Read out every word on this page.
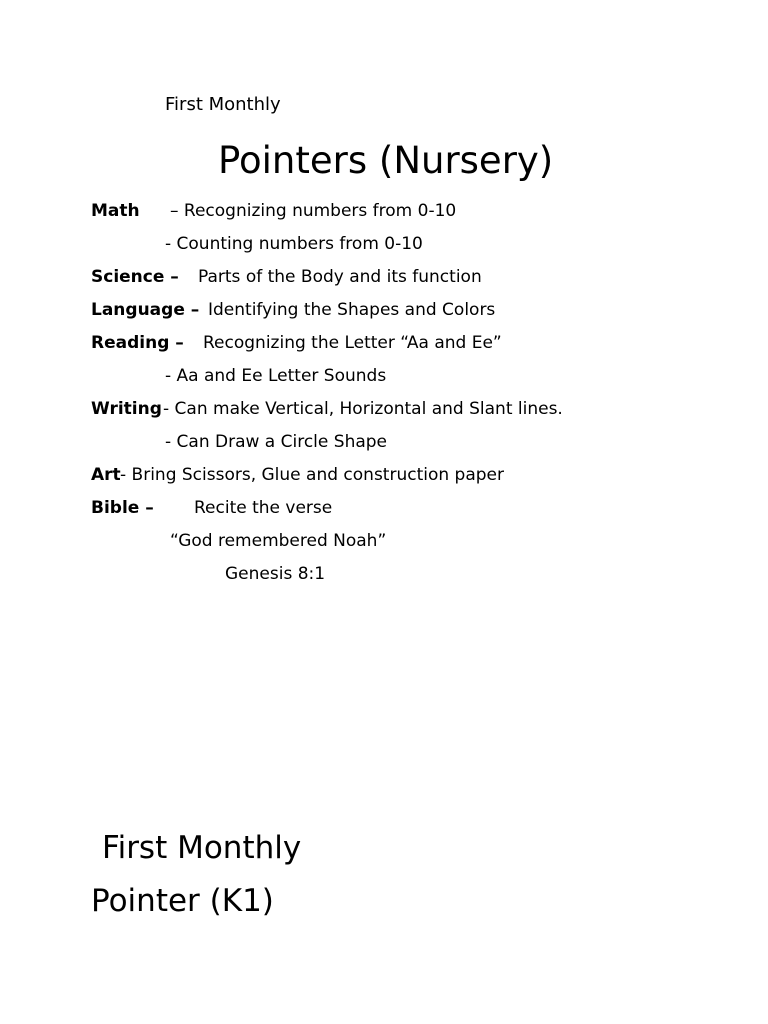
First Monthly
Pointers (Nursery)
Math – Recognizing numbers from 0-10
- Counting numbers from 0-10
Science – Parts of the Body and its function
Language – Identifying the Shapes and Colors
Reading – Recognizing the Letter “Aa and Ee”
- Aa and Ee Letter Sounds
Writing - Can make Vertical, Horizontal and Slant lines.
- Can Draw a Circle Shape
Art - Bring Scissors, Glue and construction paper
Bible – Recite the verse
“God remembered Noah”
Genesis 8:1
First Monthly
Pointer (K1)
